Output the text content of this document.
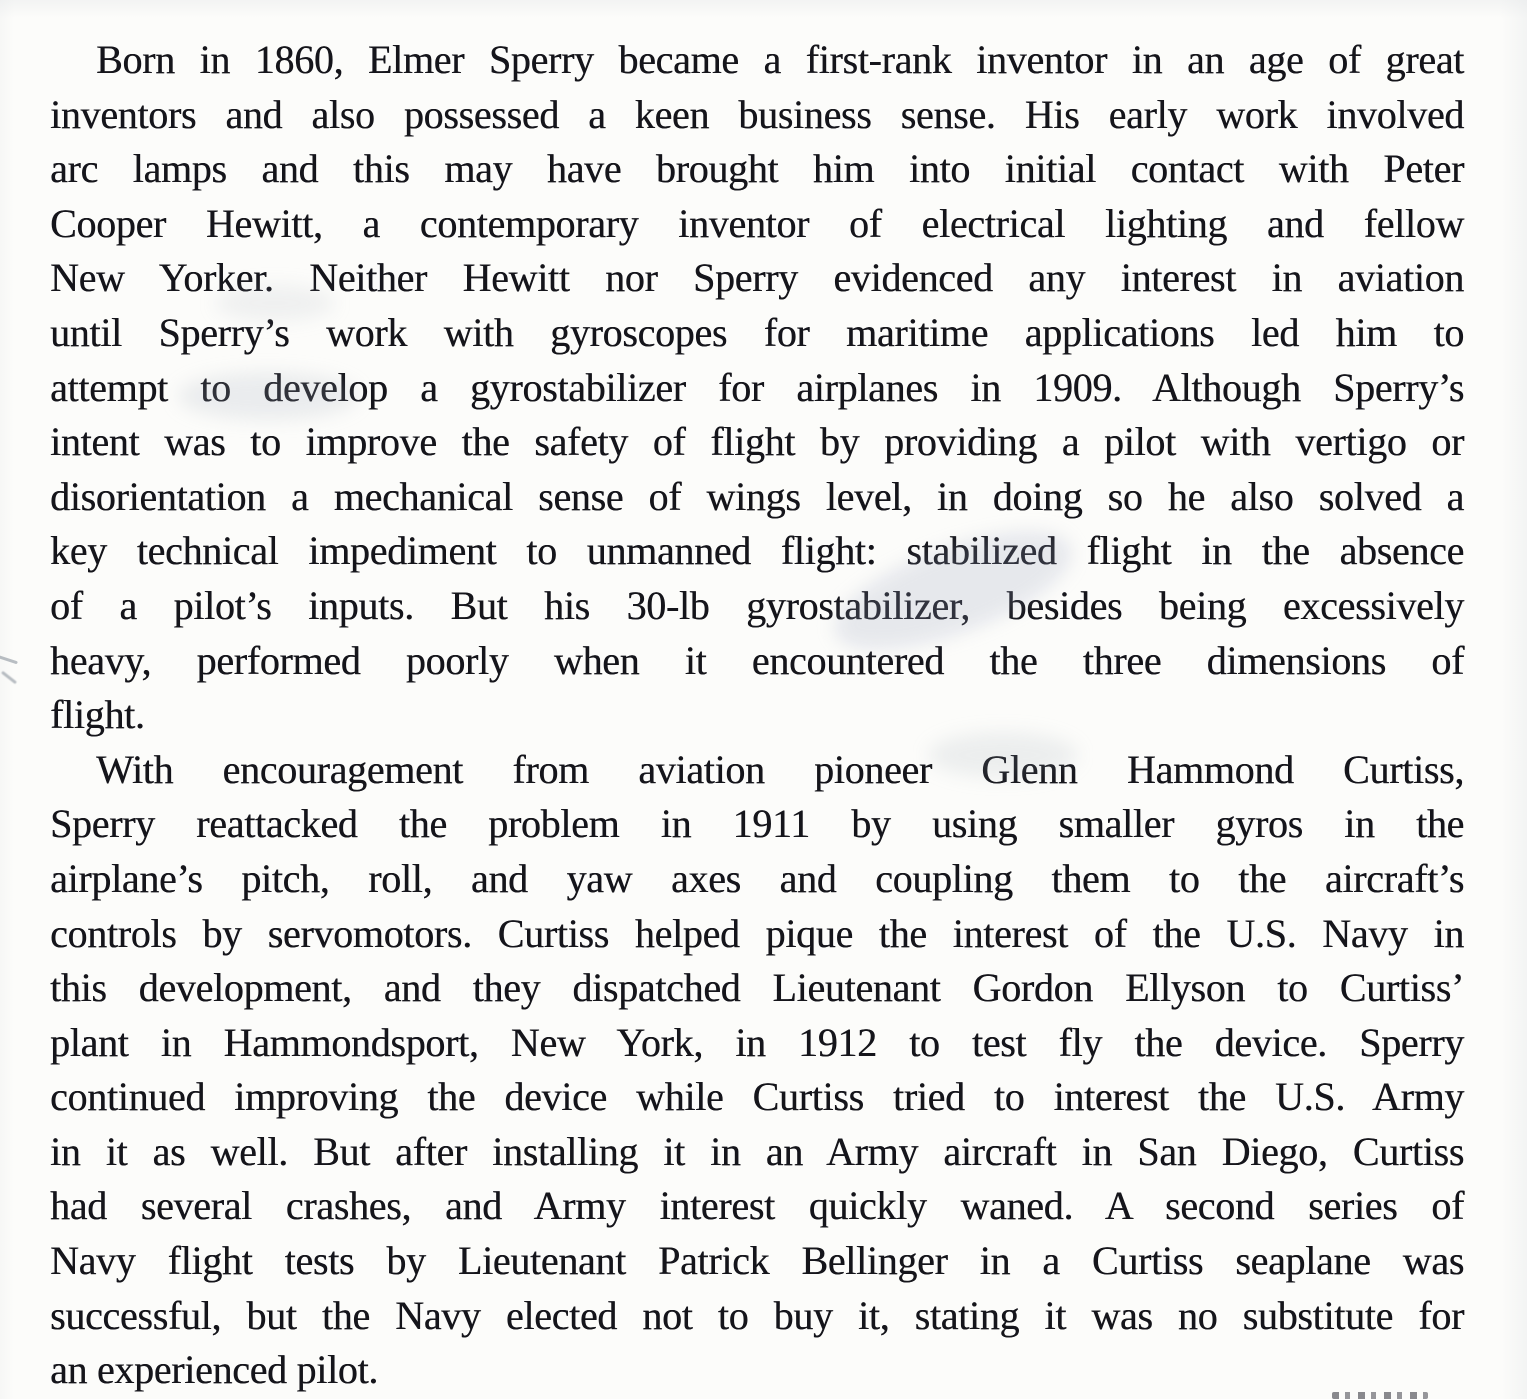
Born in 1860, Elmer Sperry became a first-rank inventor in an age of great
inventors and also possessed a keen business sense. His early work involved
arc lamps and this may have brought him into initial contact with Peter
Cooper Hewitt, a contemporary inventor of electrical lighting and fellow
New Yorker. Neither Hewitt nor Sperry evidenced any interest in aviation
until Sperry’s work with gyroscopes for maritime applications led him to
attempt to develop a gyrostabilizer for airplanes in 1909. Although Sperry’s
intent was to improve the safety of flight by providing a pilot with vertigo or
disorientation a mechanical sense of wings level, in doing so he also solved a
key technical impediment to unmanned flight: stabilized flight in the absence
of a pilot’s inputs. But his 30-lb gyrostabilizer, besides being excessively
heavy, performed poorly when it encountered the three dimensions of
flight.

With encouragement from aviation pioneer Glenn Hammond Curtiss,
Sperry reattacked the problem in 1911 by using smaller gyros in the
airplane’s pitch, roll, and yaw axes and coupling them to the aircraft’s
controls by servomotors. Curtiss helped pique the interest of the U.S. Navy in
this development, and they dispatched Lieutenant Gordon Ellyson to Curtiss’
plant in Hammondsport, New York, in 1912 to test fly the device. Sperry
continued improving the device while Curtiss tried to interest the U.S. Army
in it as well. But after installing it in an Army aircraft in San Diego, Curtiss
had several crashes, and Army interest quickly waned. A second series of
Navy flight tests by Lieutenant Patrick Bellinger in a Curtiss seaplane was
successful, but the Navy elected not to buy it, stating it was no substitute for
an experienced pilot.
